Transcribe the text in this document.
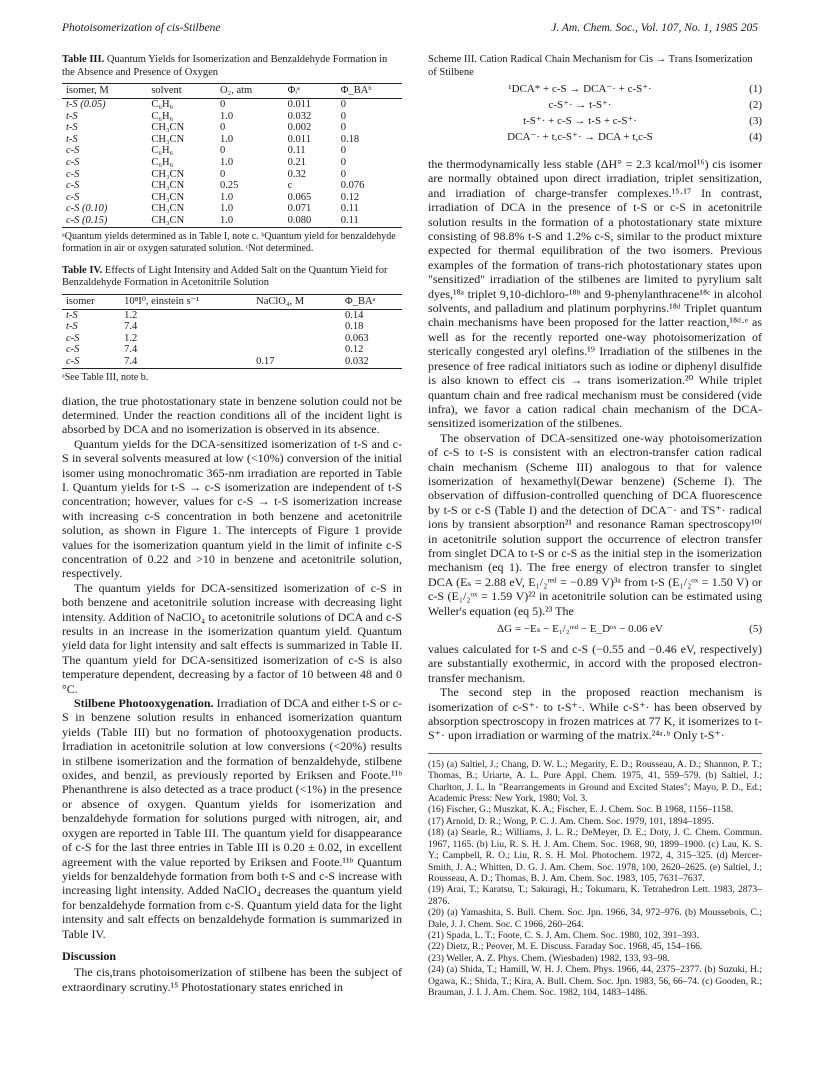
Photoisomerization of cis-Stilbene	J. Am. Chem. Soc., Vol. 107, No. 1, 1985 205
Table III. Quantum Yields for Isomerization and Benzaldehyde Formation in the Absence and Presence of Oxygen
isomer, M	solvent	O₂, atm	Φᵢᵃ	Φ_BAᵇ
t-S (0.05)	C₆H₆	0	0.011	0
t-S	C₆H₆	1.0	0.032	0
t-S	CH₃CN	0	0.002	0
t-S	CH₃CN	1.0	0.011	0.18
c-S	C₆H₆	0	0.11	0
c-S	C₆H₆	1.0	0.21	0
c-S	CH₃CN	0	0.32	0
c-S	CH₃CN	0.25	c	0.076
c-S	CH₃CN	1.0	0.065	0.12
c-S (0.10)	CH₃CN	1.0	0.071	0.11
c-S (0.15)	CH₃CN	1.0	0.080	0.11
ᵃQuantum yields determined as in Table I, note c. ᵇQuantum yield for benzaldehyde formation in air or oxygen saturated solution. ᶜNot determined.
Table IV. Effects of Light Intensity and Added Salt on the Quantum Yield for Benzaldehyde Formation in Acetonitrile Solution
isomer	10⁸I⁰, einstein s⁻¹	NaClO₄, M	Φ_BAᵃ
t-S	1.2		0.14
t-S	7.4		0.18
c-S	1.2		0.063
c-S	7.4		0.12
c-S	7.4	0.17	0.032
ᵃSee Table III, note b.

diation, the true photostationary state in benzene solution could not be determined. Under the reaction conditions all of the incident light is absorbed by DCA and no isomerization is observed in its absence.

Quantum yields for the DCA-sensitized isomerization of t-S and c-S in several solvents measured at low (<10%) conversion of the initial isomer using monochromatic 365-nm irradiation are reported in Table I. Quantum yields for t-S → c-S isomerization are independent of t-S concentration; however, values for c-S → t-S isomerization increase with increasing c-S concentration in both benzene and acetonitrile solution, as shown in Figure 1. The intercepts of Figure 1 provide values for the isomerization quantum yield in the limit of infinite c-S concentration of 0.22 and >10 in benzene and acetonitrile solution, respectively.

The quantum yields for DCA-sensitized isomerization of c-S in both benzene and acetonitrile solution increase with decreasing light intensity. Addition of NaClO₄ to acetonitrile solutions of DCA and c-S results in an increase in the isomerization quantum yield. Quantum yield data for light intensity and salt effects is summarized in Table II. The quantum yield for DCA-sensitized isomerization of c-S is also temperature dependent, decreasing by a factor of 10 between 48 and 0 °C.

Stilbene Photooxygenation. Irradiation of DCA and either t-S or c-S in benzene solution results in enhanced isomerization quantum yields (Table III) but no formation of photooxygenation products. Irradiation in acetonitrile solution at low conversions (<20%) results in stilbene isomerization and the formation of benzaldehyde, stilbene oxides, and benzil, as previously reported by Eriksen and Foote.¹¹ᵇ Phenanthrene is also detected as a trace product (<1%) in the presence or absence of oxygen. Quantum yields for isomerization and benzaldehyde formation for solutions purged with nitrogen, air, and oxygen are reported in Table III. The quantum yield for disappearance of c-S for the last three entries in Table III is 0.20 ± 0.02, in excellent agreement with the value reported by Eriksen and Foote.¹¹ᵇ Quantum yields for benzaldehyde formation from both t-S and c-S increase with increasing light intensity. Added NaClO₄ decreases the quantum yield for benzaldehyde formation from c-S. Quantum yield data for the light intensity and salt effects on benzaldehyde formation is summarized in Table IV.

Discussion

The cis,trans photoisomerization of stilbene has been the subject of extraordinary scrutiny.¹⁵ Photostationary states enriched in

Scheme III. Cation Radical Chain Mechanism for Cis → Trans Isomerization of Stilbene
¹DCA* + c-S → DCA⁻· + c-S⁺·	(1)
c-S⁺· → t-S⁺·	(2)
t-S⁺· + c-S → t-S + c-S⁺·	(3)
DCA⁻· + t,c-S⁺· → DCA + t,c-S	(4)

the thermodynamically less stable (ΔH° = 2.3 kcal/mol¹⁶) cis isomer are normally obtained upon direct irradiation, triplet sensitization, and irradiation of charge-transfer complexes.¹⁵·¹⁷ In contrast, irradiation of DCA in the presence of t-S or c-S in acetonitrile solution results in the formation of a photostationary state mixture consisting of 98.8% t-S and 1.2% c-S, similar to the product mixture expected for thermal equilibration of the two isomers. Previous examples of the formation of trans-rich photostationary states upon "sensitized" irradiation of the stilbenes are limited to pyrylium salt dyes,¹⁸ᵃ triplet 9,10-dichloro-¹⁸ᵇ and 9-phenylanthracene¹⁸ᶜ in alcohol solvents, and palladium and platinum porphyrins.¹⁸ᵈ Triplet quantum chain mechanisms have been proposed for the latter reaction,¹⁸ᵈ·ᵉ as well as for the recently reported one-way photoisomerization of sterically congested aryl olefins.¹⁹ Irradiation of the stilbenes in the presence of free radical initiators such as iodine or diphenyl disulfide is also known to effect cis → trans isomerization.²⁰ While triplet quantum chain and free radical mechanism must be considered (vide infra), we favor a cation radical chain mechanism of the DCA-sensitized isomerization of the stilbenes.

The observation of DCA-sensitized one-way photoisomerization of c-S to t-S is consistent with an electron-transfer cation radical chain mechanism (Scheme III) analogous to that for valence isomerization of hexamethyl(Dewar benzene) (Scheme I). The observation of diffusion-controlled quenching of DCA fluorescence by t-S or c-S (Table I) and the detection of DCA⁻· and TS⁺· radical ions by transient absorption²¹ and resonance Raman spectroscopy¹⁰ᶠ in acetonitrile solution support the occurrence of electron transfer from singlet DCA to t-S or c-S as the initial step in the isomerization mechanism (eq 1). The free energy of electron transfer to singlet DCA (Eₛ = 2.88 eV, E₁/₂ʳᵉᵈ = −0.89 V)³ᵃ from t-S (E₁/₂ᵒˣ = 1.50 V) or c-S (E₁/₂ᵒˣ = 1.59 V)²² in acetonitrile solution can be estimated using Weller's equation (eq 5).²³ The

ΔG = −Eₛ − E₁/₂ʳᵉᵈ − E_Dᵒˣ − 0.06 eV	(5)

values calculated for t-S and c-S (−0.55 and −0.46 eV, respectively) are substantially exothermic, in accord with the proposed electron-transfer mechanism.

The second step in the proposed reaction mechanism is isomerization of c-S⁺· to t-S⁺·. While c-S⁺· has been observed by absorption spectroscopy in frozen matrices at 77 K, it isomerizes to t-S⁺· upon irradiation or warming of the matrix.²⁴ᵃ·ᵇ Only t-S⁺·

(15) (a) Saltiel, J.; Chang, D. W. L.; Megarity, E. D.; Rousseau, A. D.; Shannon, P. T.; Thomas, B.; Uriarte, A. L. Pure Appl. Chem. 1975, 41, 559–579. (b) Saltiel, J.; Charlton, J. L. In "Rearrangements in Ground and Excited States"; Mayo, P. D., Ed.; Academic Press: New York, 1980; Vol. 3.
(16) Fischer, G.; Muszkat, K. A.; Fischer, E. J. Chem. Soc. B 1968, 1156–1158.
(17) Arnold, D. R.; Wong, P. C. J. Am. Chem. Soc. 1979, 101, 1894–1895.
(18) (a) Searle, R.; Williams, J. L. R.; DeMeyer, D. E.; Doty, J. C. Chem. Commun. 1967, 1165. (b) Liu, R. S. H. J. Am. Chem. Soc. 1968, 90, 1899–1900. (c) Lau, K. S. Y.; Campbell, R. O.; Liu, R. S. H. Mol. Photochem. 1972, 4, 315–325. (d) Mercer-Smith, J. A.; Whitten, D. G. J. Am. Chem. Soc. 1978, 100, 2620–2625. (e) Saltiel, J.; Rousseau, A. D.; Thomas, B. J. Am. Chem. Soc. 1983, 105, 7631–7637.
(19) Arai, T.; Karatsu, T.; Sakuragi, H.; Tokumaru, K. Tetrahedron Lett. 1983, 2873–2876.
(20) (a) Yamashita, S. Bull. Chem. Soc. Jpn. 1966, 34, 972–976. (b) Moussebois, C.; Dale, J. J. Chem. Soc. C 1966, 260–264.
(21) Spada, L. T.; Foote, C. S. J. Am. Chem. Soc. 1980, 102, 391–393.
(22) Dietz, R.; Peover, M. E. Discuss. Faraday Soc. 1968, 45, 154–166.
(23) Weller, A. Z. Phys. Chem. (Wiesbaden) 1982, 133, 93–98.
(24) (a) Shida, T.; Hamill, W. H. J. Chem. Phys. 1966, 44, 2375–2377. (b) Suzuki, H.; Ogawa, K.; Shida, T.; Kira, A. Bull. Chem. Soc. Jpn. 1983, 56, 66–74. (c) Gooden, R.; Brauman, J. I. J. Am. Chem. Soc. 1982, 104, 1483–1486.
